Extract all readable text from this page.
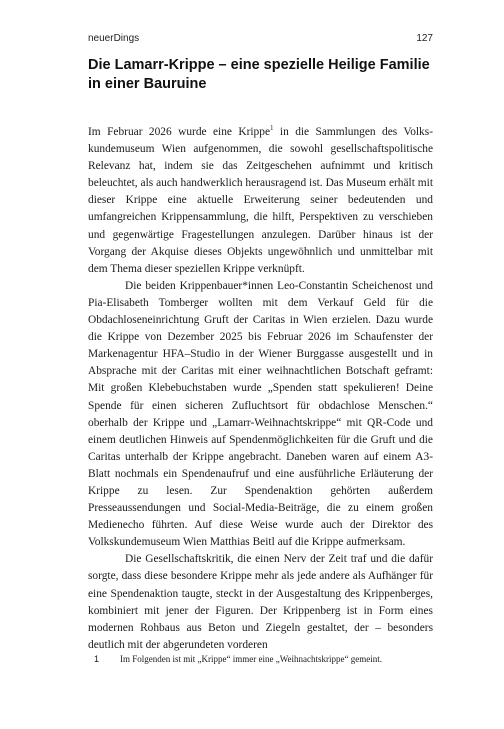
neuerDings	127
Die Lamarr-Krippe – eine spezielle Heilige Familie in einer Bauruine

Im Februar 2026 wurde eine Krippe$^1$ in die Sammlungen des Volkskundemuseum Wien aufgenommen, die sowohl gesellschaftspolitische Relevanz hat, indem sie das Zeitgeschehen aufnimmt und kritisch beleuchtet, als auch handwerklich herausragend ist. Das Museum erhält mit dieser Krippe eine aktuelle Erweiterung seiner bedeutenden und umfangreichen Krippensammlung, die hilft, Perspektiven zu verschieben und gegenwärtige Fragestellungen anzulegen. Darüber hinaus ist der Vorgang der Akquise dieses Objekts ungewöhnlich und unmittelbar mit dem Thema dieser speziellen Krippe verknüpft.

Die beiden Krippenbauer*innen Leo-Constantin Scheichenost und Pia-Elisabeth Tomberger wollten mit dem Verkauf Geld für die Obdachloseneinrichtung Gruft der Caritas in Wien erzielen. Dazu wurde die Krippe von Dezember 2025 bis Februar 2026 im Schaufenster der Markenagentur HFA–Studio in der Wiener Burggasse ausgestellt und in Absprache mit der Caritas mit einer weihnachtlichen Botschaft geframt: Mit großen Klebebuchstaben wurde „Spenden statt spekulieren! Deine Spende für einen sicheren Zufluchtsort für obdachlose Menschen.“ oberhalb der Krippe und „Lamarr-Weihnachtskrippe“ mit QR-Code und einem deutlichen Hinweis auf Spendenmöglichkeiten für die Gruft und die Caritas unterhalb der Krippe angebracht. Daneben waren auf einem A3-Blatt nochmals ein Spendenaufruf und eine ausführliche Erläuterung der Krippe zu lesen. Zur Spendenaktion gehörten außerdem Presseaussendungen und Social-Media-Beiträge, die zu einem großen Medienecho führten. Auf diese Weise wurde auch der Direktor des Volkskundemuseum Wien Matthias Beitl auf die Krippe aufmerksam.

Die Gesellschaftskritik, die einen Nerv der Zeit traf und die dafür sorgte, dass diese besondere Krippe mehr als jede andere als Aufhänger für eine Spendenaktion taugte, steckt in der Ausgestaltung des Krippenberges, kombiniert mit jener der Figuren. Der Krippenberg ist in Form eines modernen Rohbaus aus Beton und Ziegeln gestaltet, der – besonders deutlich mit der abgerundeten vorderen

1	Im Folgenden ist mit „Krippe“ immer eine „Weihnachtskrippe“ gemeint.
